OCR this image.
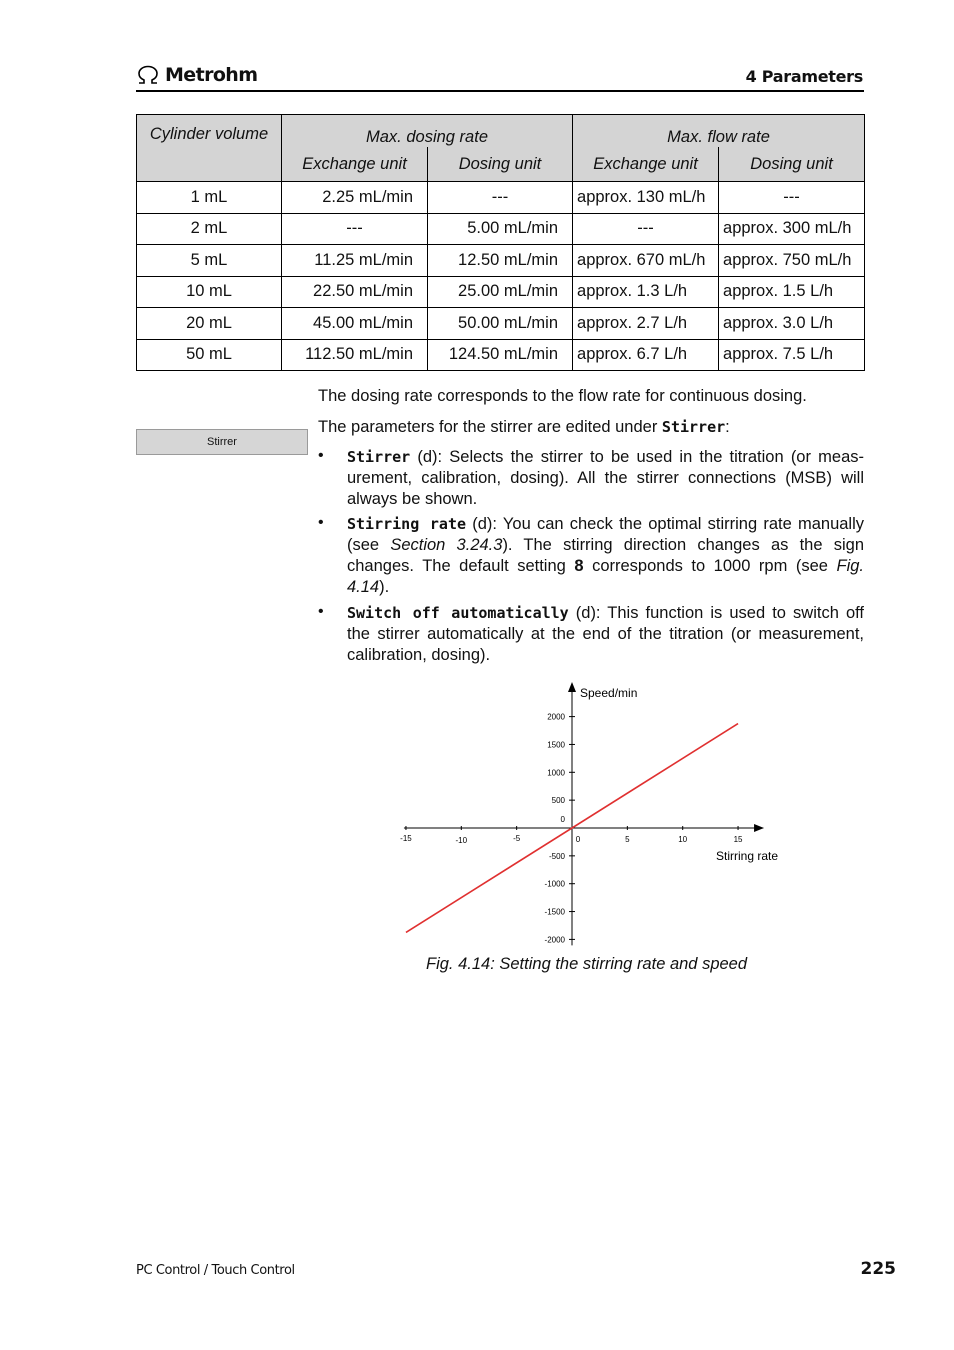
Metrohm	4 Parameters
Cylinder volume	Max. dosing rate		Max. flow rate	
	Exchange unit	Dosing unit	Exchange unit	Dosing unit
1 mL	2.25 mL/min	---	approx. 130 mL/h	---
2 mL	---	5.00 mL/min	---	approx. 300 mL/h
5 mL	11.25 mL/min	12.50 mL/min	approx. 670 mL/h	approx. 750 mL/h
10 mL	22.50 mL/min	25.00 mL/min	approx. 1.3 L/h	approx. 1.5 L/h
20 mL	45.00 mL/min	50.00 mL/min	approx. 2.7 L/h	approx. 3.0 L/h
50 mL	112.50 mL/min	124.50 mL/min	approx. 6.7 L/h	approx. 7.5 L/h
The dosing rate corresponds to the flow rate for continuous dosing.
The parameters for the stirrer are edited under Stirrer:
Stirrer
• Stirrer (d): Selects the stirrer to be used in the titration (or measurement, calibration, dosing). All the stirrer connections (MSB) will always be shown.
• Stirring rate (d): You can check the optimal stirring rate manually (see Section 3.24.3). The stirring direction changes as the sign changes. The default setting 8 corresponds to 1000 rpm (see Fig. 4.14).
• Switch off automatically (d): This function is used to switch off the stirrer automatically at the end of the titration (or measurement, calibration, dosing).
-15	-10	-5	0	5	10	15
2000
1500
1000
500
0
-500
-1000
-1500
-2000
Speed/min
Stirring rate
Fig. 4.14: Setting the stirring rate and speed
PC Control / Touch Control	225
